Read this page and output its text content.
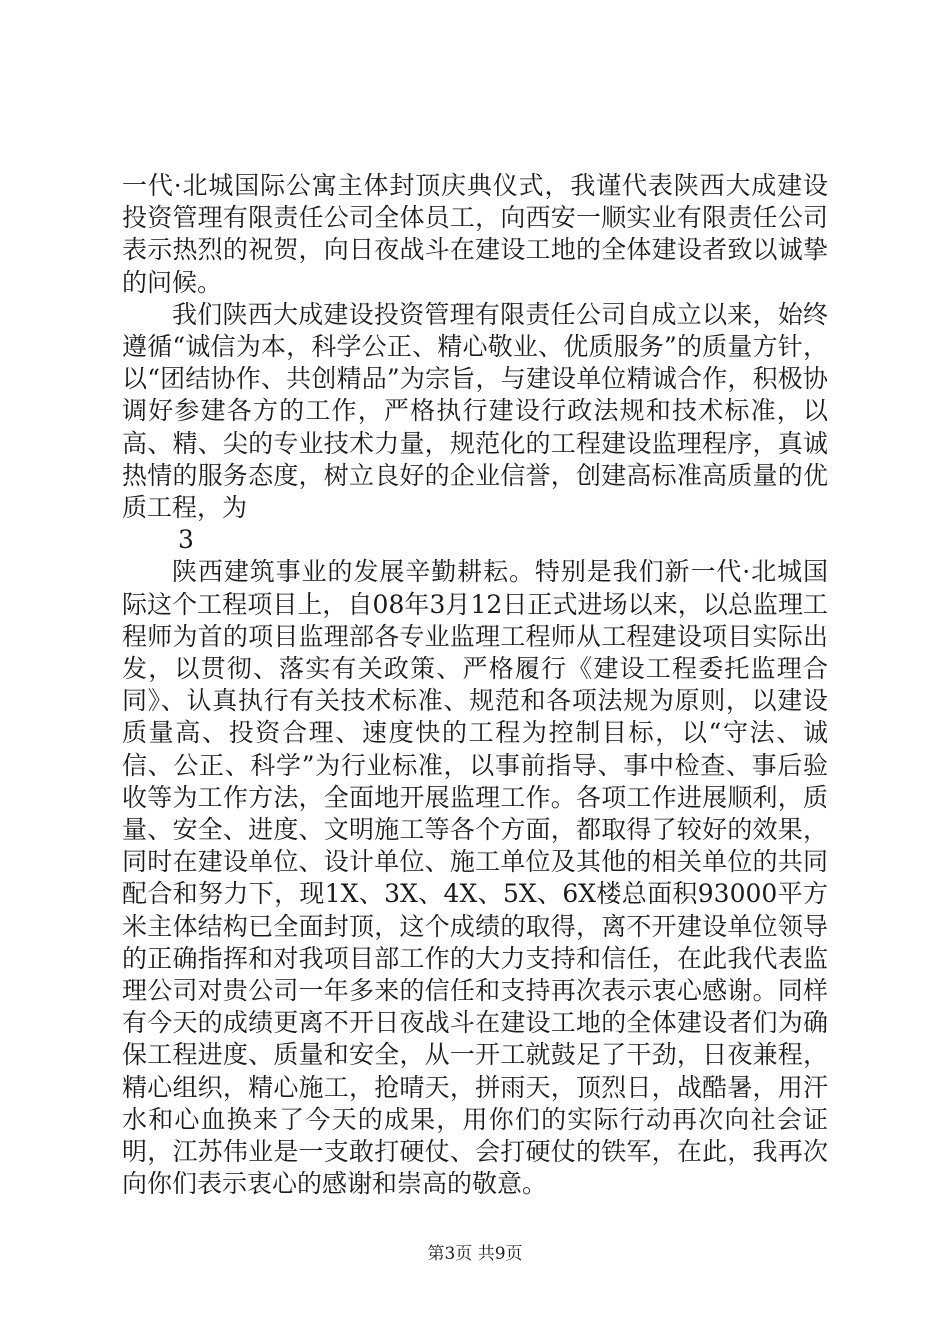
一代·北城国际公寓主体封顶庆典仪式，我谨代表陕西大成建设投资管理有限责任公司全体员工，向西安一顺实业有限责任公司表示热烈的祝贺，向日夜战斗在建设工地的全体建设者致以诚挚的问候。

我们陕西大成建设投资管理有限责任公司自成立以来，始终遵循“诚信为本，科学公正、精心敬业、优质服务”的质量方针，以“团结协作、共创精品”为宗旨，与建设单位精诚合作，积极协调好参建各方的工作，严格执行建设行政法规和技术标准，以高、精、尖的专业技术力量，规范化的工程建设监理程序，真诚热情的服务态度，树立良好的企业信誉，创建高标准高质量的优质工程，为

3

陕西建筑事业的发展辛勤耕耘。特别是我们新一代·北城国际这个工程项目上，自08年3月12日正式进场以来，以总监理工程师为首的项目监理部各专业监理工程师从工程建设项目实际出发，以贯彻、落实有关政策、严格履行《建设工程委托监理合同》、认真执行有关技术标准、规范和各项法规为原则，以建设质量高、投资合理、速度快的工程为控制目标，以“守法、诚信、公正、科学”为行业标准，以事前指导、事中检查、事后验收等为工作方法，全面地开展监理工作。各项工作进展顺利，质量、安全、进度、文明施工等各个方面，都取得了较好的效果，同时在建设单位、设计单位、施工单位及其他的相关单位的共同配合和努力下，现1X、3X、4X、5X、6X楼总面积93000平方米主体结构已全面封顶，这个成绩的取得，离不开建设单位领导的正确指挥和对我项目部工作的大力支持和信任，在此我代表监理公司对贵公司一年多来的信任和支持再次表示衷心感谢。同样有今天的成绩更离不开日夜战斗在建设工地的全体建设者们为确保工程进度、质量和安全，从一开工就鼓足了干劲，日夜兼程，精心组织，精心施工，抢晴天，拼雨天，顶烈日，战酷暑，用汗水和心血换来了今天的成果，用你们的实际行动再次向社会证明，江苏伟业是一支敢打硬仗、会打硬仗的铁军，在此，我再次向你们表示衷心的感谢和崇高的敬意。

第3页 共9页
